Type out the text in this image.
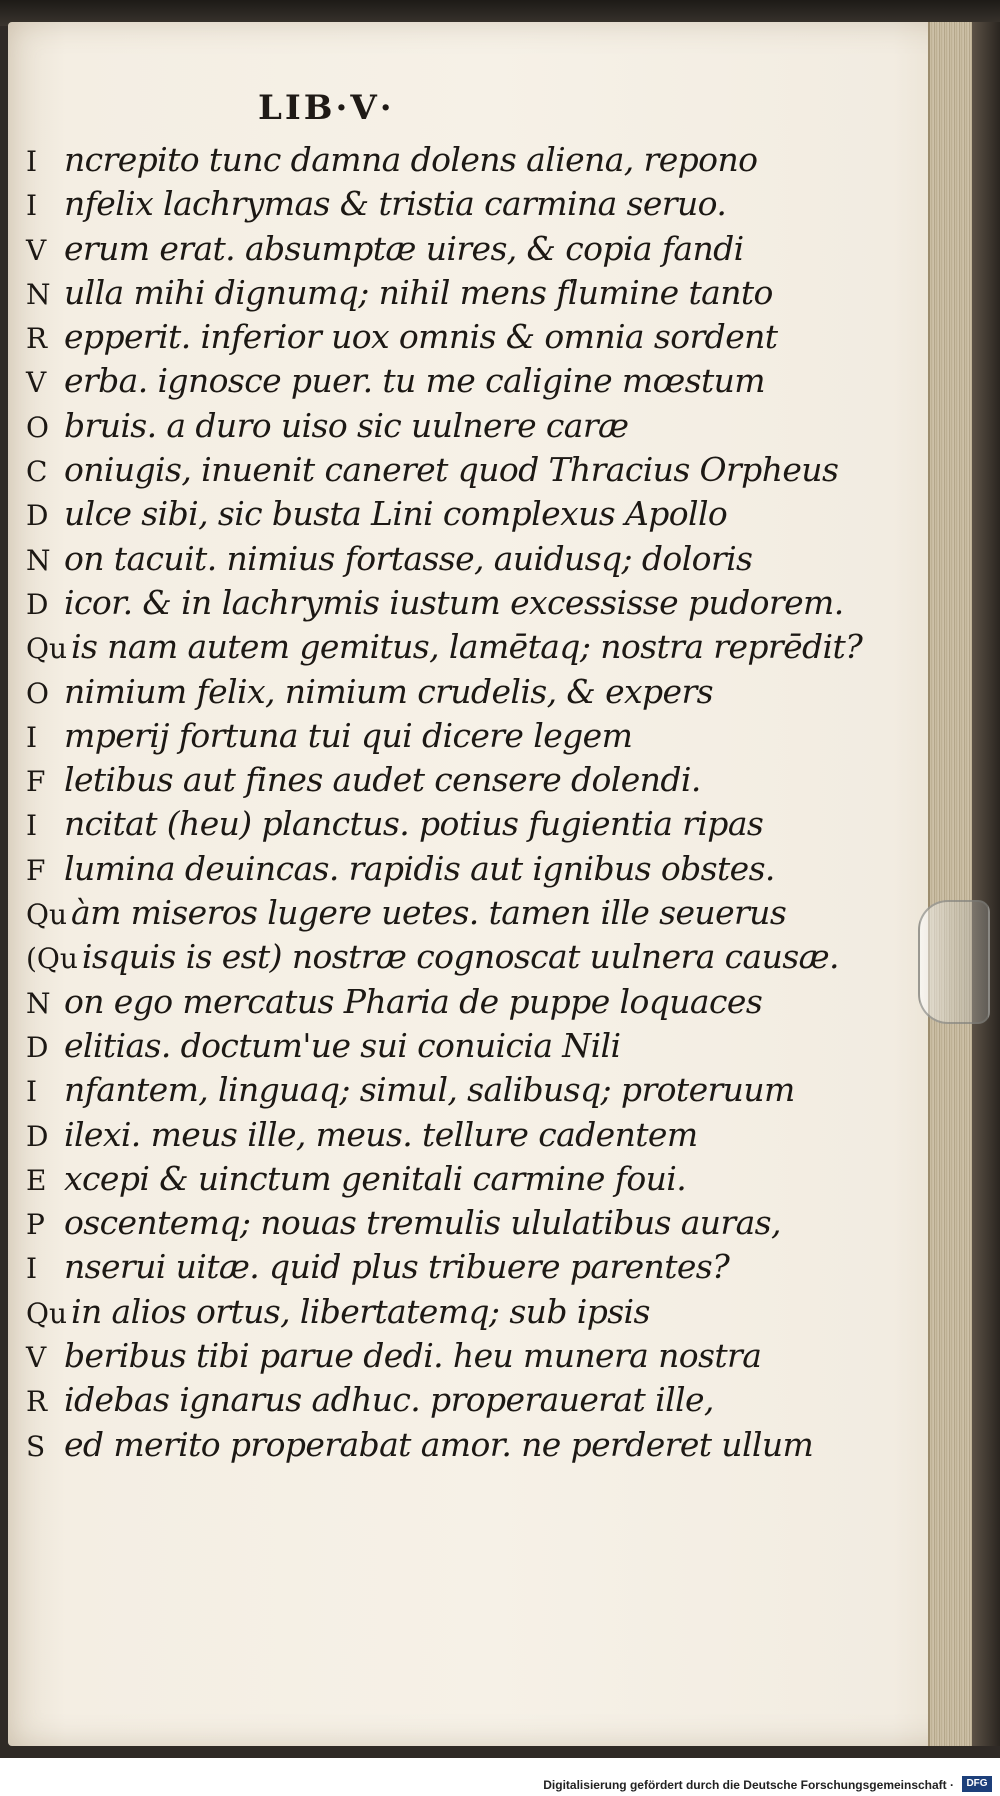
LIB·V·
I ncrepito tunc damna dolens aliena, repono
I nfelix lachrymas & tristia carmina seruo.
V erum erat. absumptæ uires, & copia fandi
N ulla mihi dignumq; nihil mens flumine tanto
R epperit. inferior uox omnis & omnia sordent
V erba. ignosce puer. tu me caligine mœstum
O bruis. a duro uiso sic uulnere caræ
C oniugis, inuenit caneret quod Thracius Orpheus
D ulce sibi, sic busta Lini complexus Apollo
N on tacuit. nimius fortasse, auidusq; doloris
D icor. & in lachrymis iustum excessisse pudorem.
Qu is nam autem gemitus, lamētaq; nostra reprēdit?
O nimium felix, nimium crudelis, & expers
I mperij fortuna tui qui dicere legem
F letibus aut fines audet censere dolendi.
I ncitat (heu) planctus. potius fugientia ripas
F lumina deuincas. rapidis aut ignibus obstes.
Qu àm miseros lugere uetes. tamen ille seuerus
(Qu isquis is est) nostræ cognoscat uulnera causæ.
N on ego mercatus Pharia de puppe loquaces
D elitias. doctum'ue sui conuicia Nili
I nfantem, linguaq; simul, salibusq; proteruum
D ilexi. meus ille, meus. tellure cadentem
E xcepi & uinctum genitali carmine foui.
P oscentemq; nouas tremulis ululatibus auras,
I nserui uitæ. quid plus tribuere parentes?
Qu in alios ortus, libertatemq; sub ipsis
V beribus tibi parue dedi. heu munera nostra
R idebas ignarus adhuc. properauerat ille,
S ed merito properabat amor. ne perderet ullum
Digitalisierung gefördert durch die Deutsche Forschungsgemeinschaft ·	DFG
